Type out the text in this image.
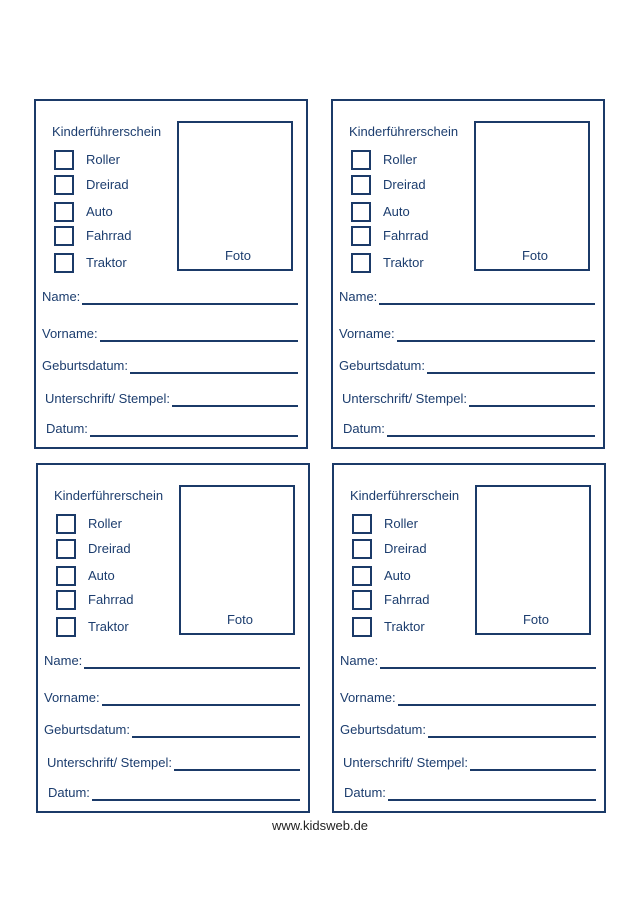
Kinderführerschein
Foto
Roller
Dreirad
Auto
Fahrrad
Traktor
Name:
Vorname:
Geburtsdatum:
Unterschrift/ Stempel:
Datum:
Kinderführerschein
Foto
Roller
Dreirad
Auto
Fahrrad
Traktor
Name:
Vorname:
Geburtsdatum:
Unterschrift/ Stempel:
Datum:
Kinderführerschein
Foto
Roller
Dreirad
Auto
Fahrrad
Traktor
Name:
Vorname:
Geburtsdatum:
Unterschrift/ Stempel:
Datum:
Kinderführerschein
Foto
Roller
Dreirad
Auto
Fahrrad
Traktor
Name:
Vorname:
Geburtsdatum:
Unterschrift/ Stempel:
Datum:
www.kidsweb.de
